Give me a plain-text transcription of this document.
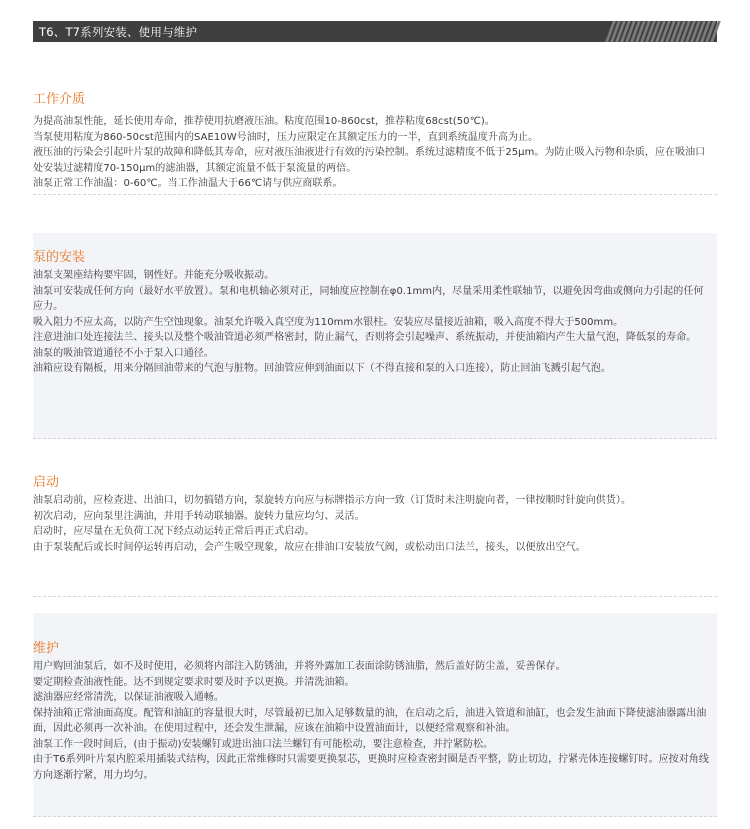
T6、T7系列安装、使用与维护
工作介质

为提高油泵性能，延长使用寿命，推荐使用抗磨液压油。粘度范围10-860cst，推荐粘度68cst(50℃)。

当泵使用粘度为860-50cst范围内的SAE10W号油时，压力应限定在其额定压力的一半，直到系统温度升高为止。

液压油的污染会引起叶片泵的故障和降低其寿命，应对液压油液进行有效的污染控制。系统过滤精度不低于25μm。为防止吸入污物和杂质，应在吸油口处安装过滤精度70-150μm的滤油器，其额定流量不低于泵流量的两倍。

油泵正常工作油温：0-60℃。当工作油温大于66℃请与供应商联系。

泵的安装

油泵支架座结构要牢固，钢性好。并能充分吸收振动。

油泵可安装成任何方向（最好水平放置）。泵和电机轴必须对正，同轴度应控制在φ0.1mm内，尽量采用柔性联轴节，以避免因弯曲或侧向力引起的任何应力。

吸入阻力不应太高，以防产生空蚀现象。油泵允许吸入真空度为110mm水银柱。安装应尽量接近油箱，吸入高度不得大于500mm。

注意进油口处连接法兰、接头以及整个吸油管道必须严格密封，防止漏气，否则将会引起噪声、系统振动，并使油箱内产生大量气泡，降低泵的寿命。

油泵的吸油管道通径不小于泵入口通径。

油箱应设有隔板，用来分隔回油带来的气泡与脏物。回油管应伸到油面以下（不得直接和泵的入口连接），防止回油飞溅引起气泡。

启动

油泵启动前，应检查进、出油口，切勿搞错方向，泵旋转方向应与标牌指示方向一致（订货时未注明旋向者，一律按顺时针旋向供货）。

初次启动，应向泵里注满油，并用手转动联轴器。旋转力量应均匀、灵活。

启动时，应尽量在无负荷工况下经点动运转正常后再正式启动。

由于泵装配后或长时间停运转再启动，会产生吸空现象，故应在排油口安装放气阀，或松动出口法兰，接头，以便放出空气。

维护

用户购回油泵后，如不及时使用，必须将内部注入防锈油，并将外露加工表面涂防锈油脂，然后盖好防尘盖，妥善保存。

要定期检查油液性能。达不到规定要求时要及时予以更换。并清洗油箱。

滤油器应经常清洗，以保证油液吸入通畅。

保持油箱正常油面高度。配管和油缸的容量很大时，尽管最初已加入足够数量的油，在启动之后，油进入管道和油缸，也会发生油面下降使滤油器露出油面，因此必须再一次补油。在使用过程中，还会发生泄漏，应该在油箱中设置油面计，以便经常观察和补油。

油泵工作一段时间后，(由于振动)安装螺钉或进出油口法兰螺钉有可能松动，要注意检查，并拧紧防松。

由于T6系列叶片泵内腔采用插装式结构，因此正常维修时只需要更换泵芯，更换时应检查密封圈是否平整，防止切边，拧紧壳体连接螺钉时。应按对角线方向逐渐拧紧，用力均匀。
